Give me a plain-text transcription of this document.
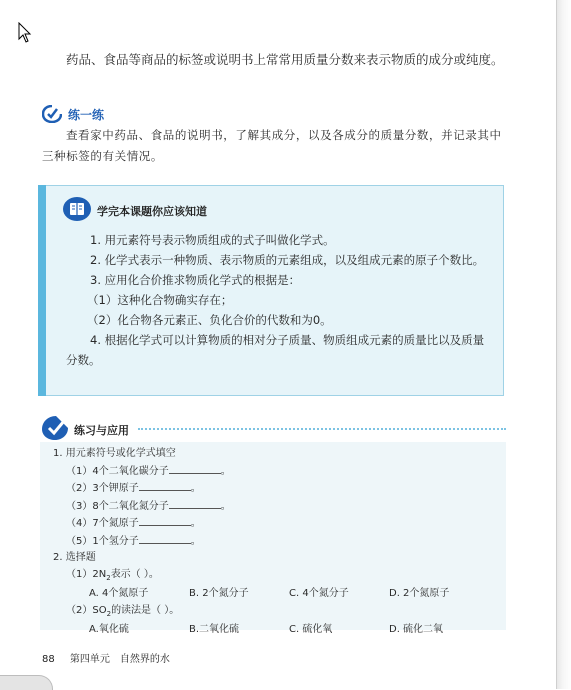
药品、食品等商品的标签或说明书上常常用质量分数来表示物质的成分或纯度。
练一练
查看家中药品、食品的说明书，了解其成分，以及各成分的质量分数，并记录其中三种标签的有关情况。
学完本课题你应该知道

1. 用元素符号表示物质组成的式子叫做化学式。

2. 化学式表示一种物质、表示物质的元素组成，以及组成元素的原子个数比。

3. 应用化合价推求物质化学式的根据是：

（1）这种化合物确实存在；

（2）化合物各元素正、负化合价的代数和为0。

4. 根据化学式可以计算物质的相对分子质量、物质组成元素的质量比以及质量分数。

练习与应用

1. 用元素符号或化学式填空

（1）4个二氧化碳分子	。

（2）3个钾原子	。

（3）8个二氧化氮分子	。

（4）7个氮原子	。

（5）1个氢分子	。

2. 选择题

$(1)2N_2$表示（ ）。

A. 4个氮原子	B. 2个氮分子	C. 4个氮分子	D. 2个氮原子

$(2)SO_2$的读法是（ ）。

A.氧化硫	B.二氧化硫	C. 硫化氧	D. 硫化二氧

88 第四单元　自然界的水
